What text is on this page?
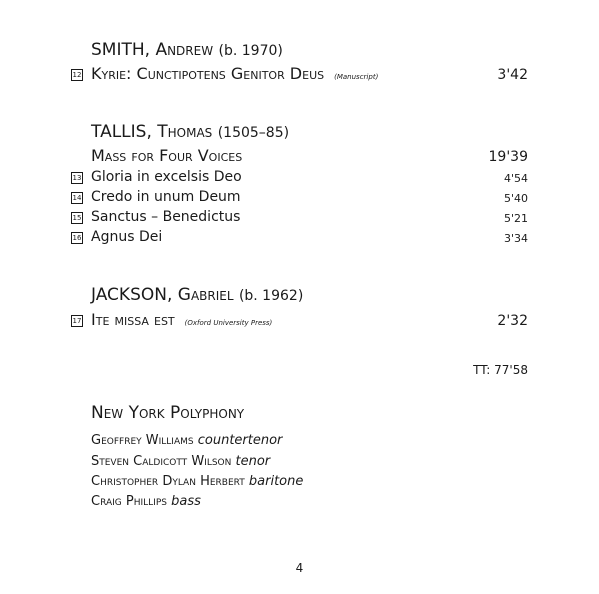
SMITH, Andrew (b. 1970)
12 Kyrie: Cunctipotens Genitor Deus (Manuscript)	3'42
TALLIS, Thomas (1505–85)
Mass for Four Voices	19'39
13 Gloria in excelsis Deo	4'54
14 Credo in unum Deum	5'40
15 Sanctus – Benedictus	5'21
16 Agnus Dei	3'34
JACKSON, Gabriel (b. 1962)
17 Ite missa est (Oxford University Press)	2'32
TT: 77'58
New York Polyphony
Geoffrey Williams countertenor
Steven Caldicott Wilson tenor
Christopher Dylan Herbert baritone
Craig Phillips bass
4
